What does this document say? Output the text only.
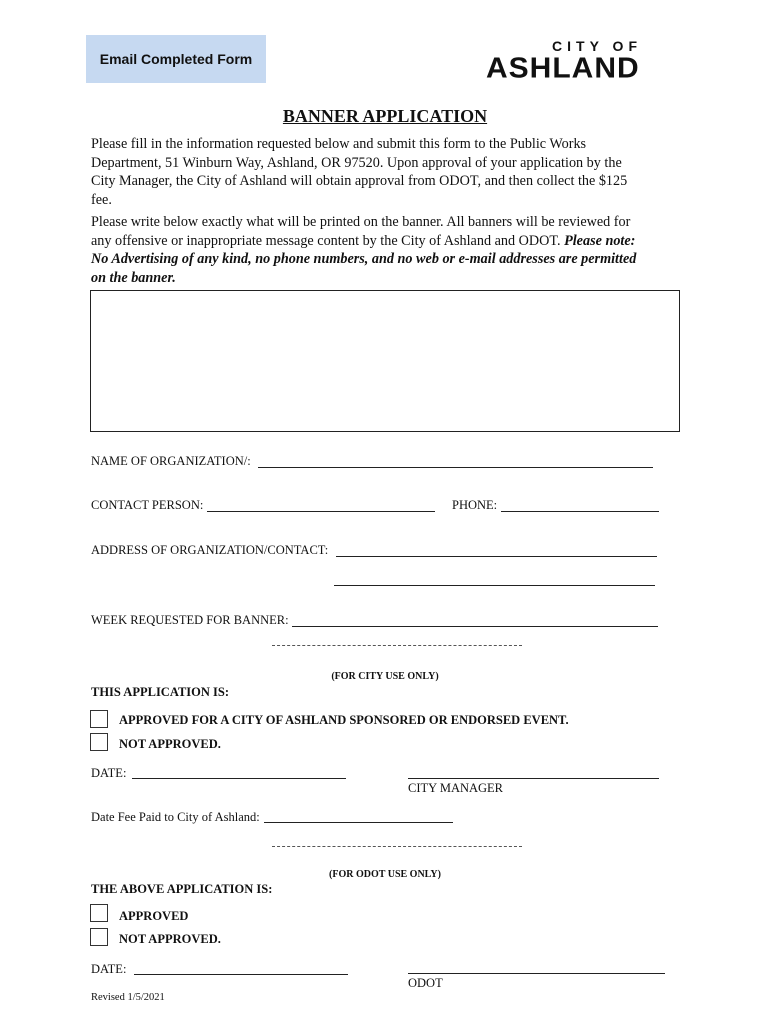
Email Completed Form
CITY OF
ASHLAND
BANNER APPLICATION
Please fill in the information requested below and submit this form to the Public Works
Department, 51 Winburn Way, Ashland, OR 97520. Upon approval of your application by the
City Manager, the City of Ashland will obtain approval from ODOT, and then collect the $125
fee.
Please write below exactly what will be printed on the banner. All banners will be reviewed for
any offensive or inappropriate message content by the City of Ashland and ODOT. Please note:
No Advertising of any kind, no phone numbers, and no web or e-mail addresses are permitted
on the banner.
NAME OF ORGANIZATION/:
CONTACT PERSON:	PHONE:
ADDRESS OF ORGANIZATION/CONTACT:
WEEK REQUESTED FOR BANNER:
(FOR CITY USE ONLY)
THIS APPLICATION IS:
APPROVED FOR A CITY OF ASHLAND SPONSORED OR ENDORSED EVENT.
NOT APPROVED.
DATE:
CITY MANAGER
Date Fee Paid to City of Ashland:
(FOR ODOT USE ONLY)
THE ABOVE APPLICATION IS:
APPROVED
NOT APPROVED.
DATE:
ODOT
Revised 1/5/2021
